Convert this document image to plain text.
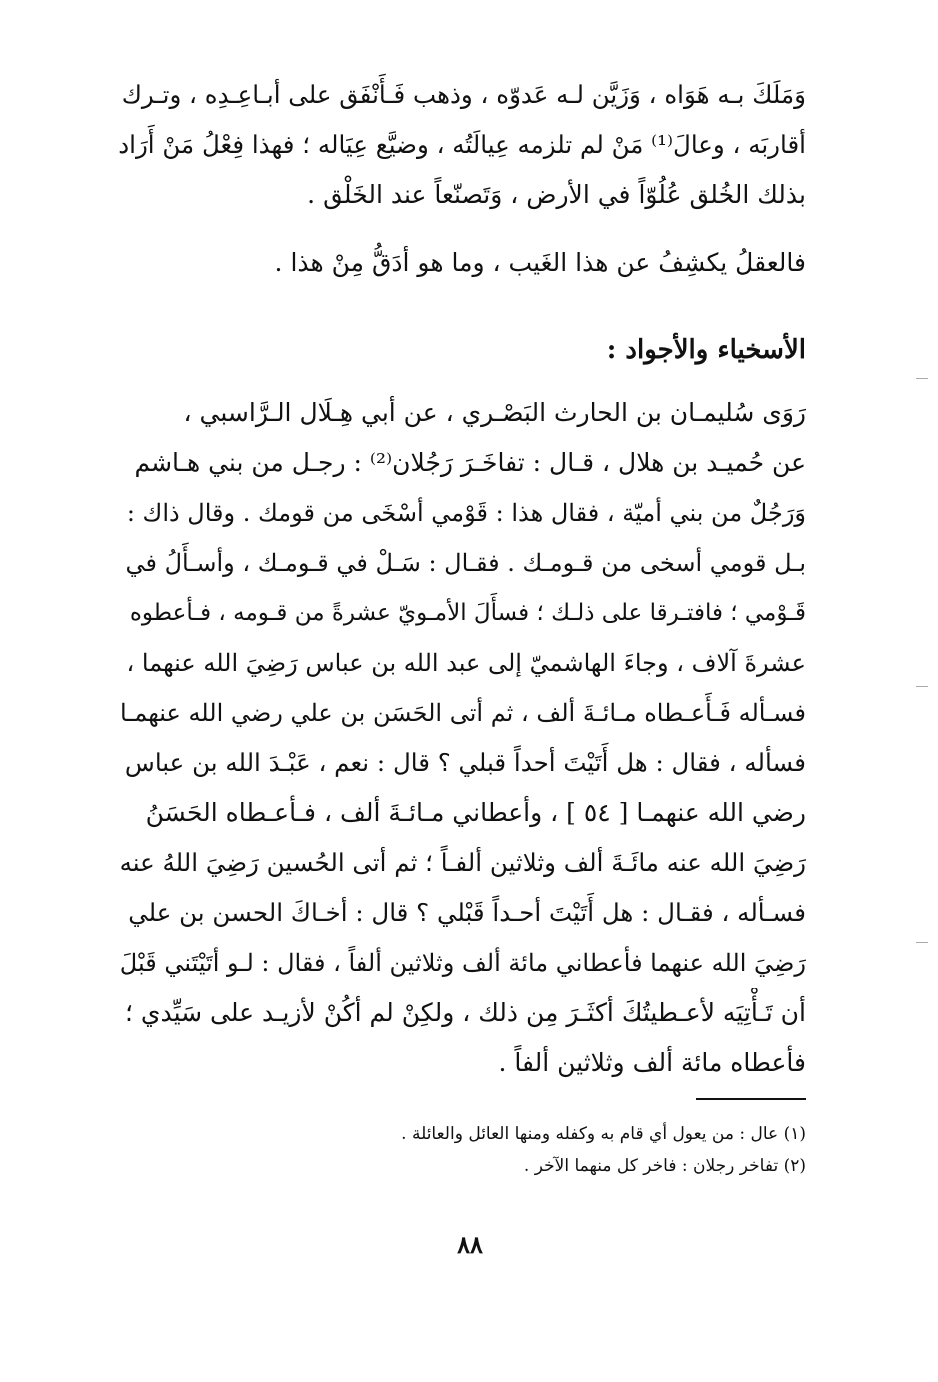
وَمَلَكَ بـه هَوَاه ، وَزَيَّن لـه عَدوّه ، وذهب فَـأَنْفَق على أبـاعِـدِه ، وتـرك
أقاربَه ، وعالَ⁽¹⁾ مَنْ لم تلزمه عِيالَتُه ، وضيَّع عِيَاله ؛ فهذا فِعْلُ مَنْ أَرَاد
بذلك الخُلق عُلُوّاً في الأرض ، وَتَصنّعاً عند الخَلْق .
فالعقلُ يكشِفُ عن هذا الغَيب ، وما هو أدَقُّ مِنْ هذا .
الأسخياء والأجواد :
رَوَى سُليمـان بن الحارث البَصْـري ، عن أبي هِـلَال الـرَّاسبي ،
عن حُميـد بن هلال ، قـال : تفاخَـرَ رَجُلان⁽²⁾ : رجـل من بني هـاشم
وَرَجُلٌ من بني أميّة ، فقال هذا : قَوْمي أسْخَى من قومك . وقال ذاك :
بـل قومي أسخى من قـومـك . فقـال : سَـلْ في قـومـك ، وأسـأَلُ في
قَـوْمي ؛ فافتـرقا على ذلـك ؛ فسأَلَ الأمـويّ عشرةً من قـومه ، فـأعطوه
عشرةَ آلاف ، وجاءَ الهاشميّ إلى عبد الله بن عباس رَضِيَ الله عنهما ،
فسـأله فَـأَعـطاه مـائـةَ ألف ، ثم أتى الحَسَن بن علي رضي الله عنهمـا
فسأله ، فقال : هل أَتَيْتَ أحداً قبلي ؟ قال : نعم ، عَبْـدَ الله بن عباس
رضي الله عنهمـا [ ٥٤ ] ، وأعطاني مـائـةَ ألف ، فـأعـطاه الحَسَنُ
رَضِيَ الله عنه مائَـةَ ألف وثلاثين ألفـاً ؛ ثم أتى الحُسين رَضِيَ اللهُ عنه
فسـأله ، فقـال : هل أَتَيْتَ أحـداً قَبْلي ؟ قال : أخـاكَ الحسن بن علي
رَضِيَ الله عنهما فأعطاني مائة ألف وثلاثين ألفاً ، فقال : لـو أتَيْتَني قَبْلَ
أن تَـأْتِيَه لأعـطيتُكَ أكثَـرَ مِن ذلك ، ولكِنْ لم أكُنْ لأزيـد على سَيِّدي ؛
فأعطاه مائة ألف وثلاثين ألفاً .
(١) عال : من يعول أي قام به وكفله ومنها العائل والعائلة .
(٢) تفاخر رجلان : فاخر كل منهما الآخر .
٨٨
